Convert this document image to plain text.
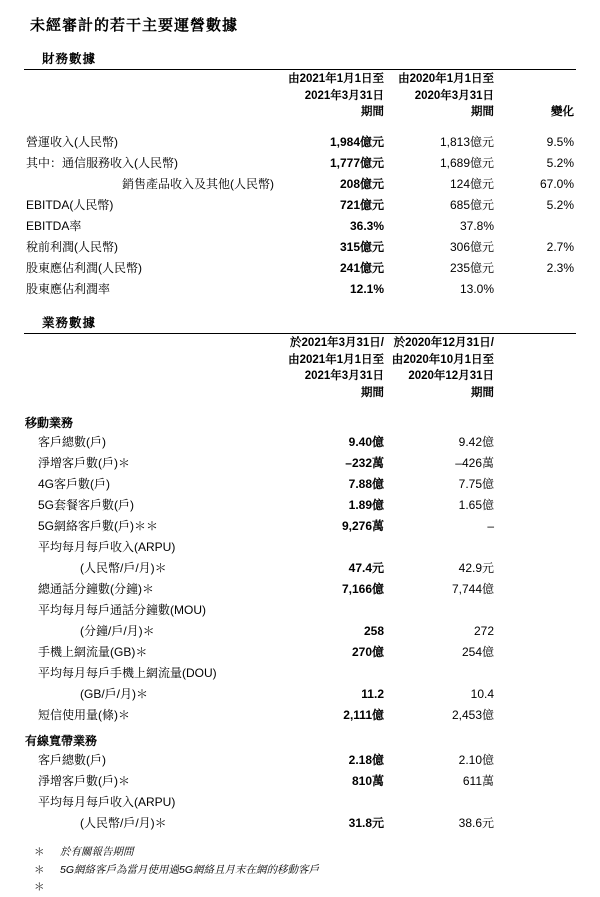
未經審計的若干主要運營數據
財務數據

	由2021年1月1日至
2021年3月31日
期間	由2020年1月1日至
2020年3月31日
期間	變化

營運收入(人民幣)	1,984億元	1,813億元	9.5%
其中：通信服務收入(人民幣)	1,777億元	1,689億元	5.2%
銷售產品收入及其他(人民幣)	208億元	124億元	67.0%
EBITDA(人民幣)	721億元	685億元	5.2%
EBITDA率	36.3%	37.8%	
稅前利潤(人民幣)	315億元	306億元	2.7%
股東應佔利潤(人民幣)	241億元	235億元	2.3%
股東應佔利潤率	12.1%	13.0%	
業務數據

	於2021年3月31日/
由2021年1月1日至
2021年3月31日
期間	於2020年12月31日/
由2020年10月1日至
2020年12月31日
期間	

移動業務			
客戶總數(戶)	9.40億	9.42億	
淨增客戶數(戶)＊	–232萬	–426萬	
4G客戶數(戶)	7.88億	7.75億	
5G套餐客戶數(戶)	1.89億	1.65億	
5G網絡客戶數(戶)＊＊	9,276萬	–	
平均每月每戶收入(ARPU)			
(人民幣/戶/月)＊	47.4元	42.9元	
總通話分鐘數(分鐘)＊	7,166億	7,744億	
平均每月每戶通話分鐘數(MOU)			
(分鐘/戶/月)＊	258	272	
手機上網流量(GB)＊	270億	254億	
平均每月每戶手機上網流量(DOU)			
(GB/戶/月)＊	11.2	10.4	
短信使用量(條)＊	2,111億	2,453億	
有線寬帶業務			
客戶總數(戶)	2.18億	2.10億	
淨增客戶數(戶)＊	810萬	611萬	
平均每月每戶收入(ARPU)			
(人民幣/戶/月)＊	31.8元	38.6元	
＊	於有關報告期間
＊＊
5G網絡客戶為當月使用過5G網絡且月末在網的移動客戶
